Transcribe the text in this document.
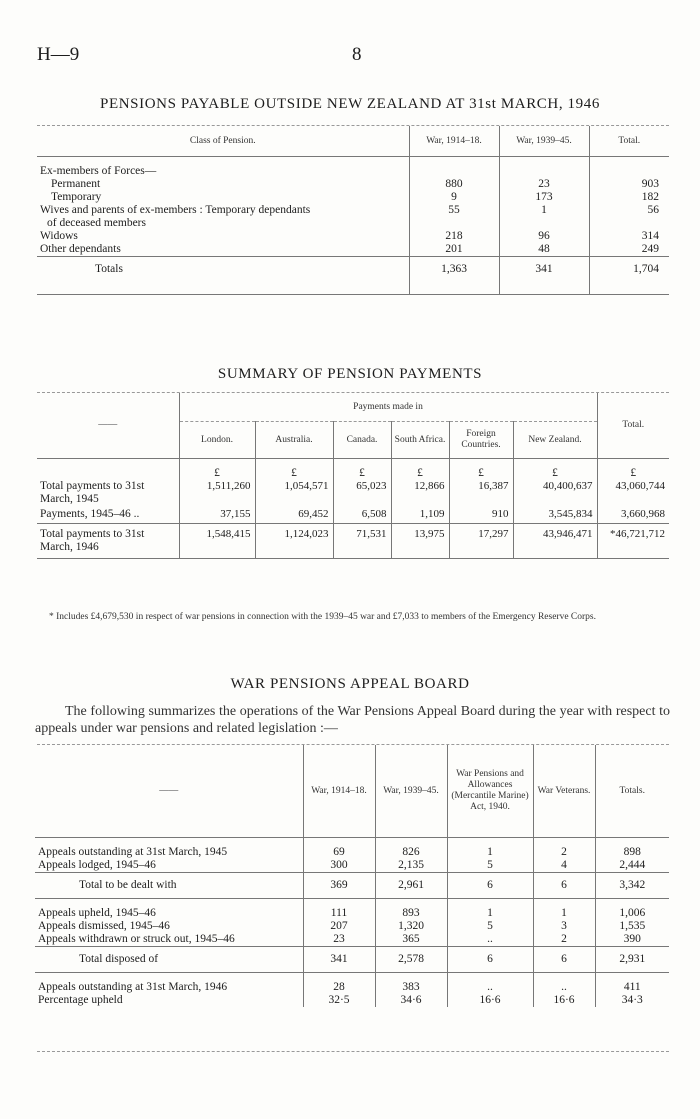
H—9	8
PENSIONS PAYABLE OUTSIDE NEW ZEALAND AT 31st MARCH, 1946
Class of Pension.	War, 1914–18.	War, 1939–45.	Total.

Ex-members of Forces—			
Permanent	880	23	903
Temporary	9	173	182
Wives and parents of ex-members : Temporary dependants	55	1	56
of deceased members			
Widows	218	96	314
Other dependants	201	48	249
Totals	1,363	341	1,704

SUMMARY OF PENSION PAYMENTS
——	Payments made in						Total.
	London.	Australia.	Canada.	South Africa.	Foreign Countries.	New Zealand.	

	£	£	£	£	£	£	£
Total payments to 31st March, 1945	1,511,260	1,054,571	65,023	12,866	16,387	40,400,637	43,060,744
Payments, 1945–46 ..	37,155	69,452	6,508	1,109	910	3,545,834	3,660,968
Total payments to 31st March, 1946	1,548,415	1,124,023	71,531	13,975	17,297	43,946,471	*46,721,712
* Includes £4,679,530 in respect of war pensions in connection with the 1939–45 war and £7,033 to members of the Emergency Reserve Corps.
WAR PENSIONS APPEAL BOARD
The following summarizes the operations of the War Pensions Appeal Board during the year with respect to appeals under war pensions and related legislation :—
——	War, 1914–18.	War, 1939–45.	War Pensions and Allowances (Mercantile Marine) Act, 1940.	War Veterans.	Totals.

Appeals outstanding at 31st March, 1945	69	826	1	2	898
Appeals lodged, 1945–46	300	2,135	5	4	2,444
Total to be dealt with	369	2,961	6	6	3,342

Appeals upheld, 1945–46	111	893	1	1	1,006
Appeals dismissed, 1945–46	207	1,320	5	3	1,535
Appeals withdrawn or struck out, 1945–46	23	365	..	2	390
Total disposed of	341	2,578	6	6	2,931

Appeals outstanding at 31st March, 1946	28	383	..	..	411
Percentage upheld	32·5	34·6	16·6	16·6	34·3
